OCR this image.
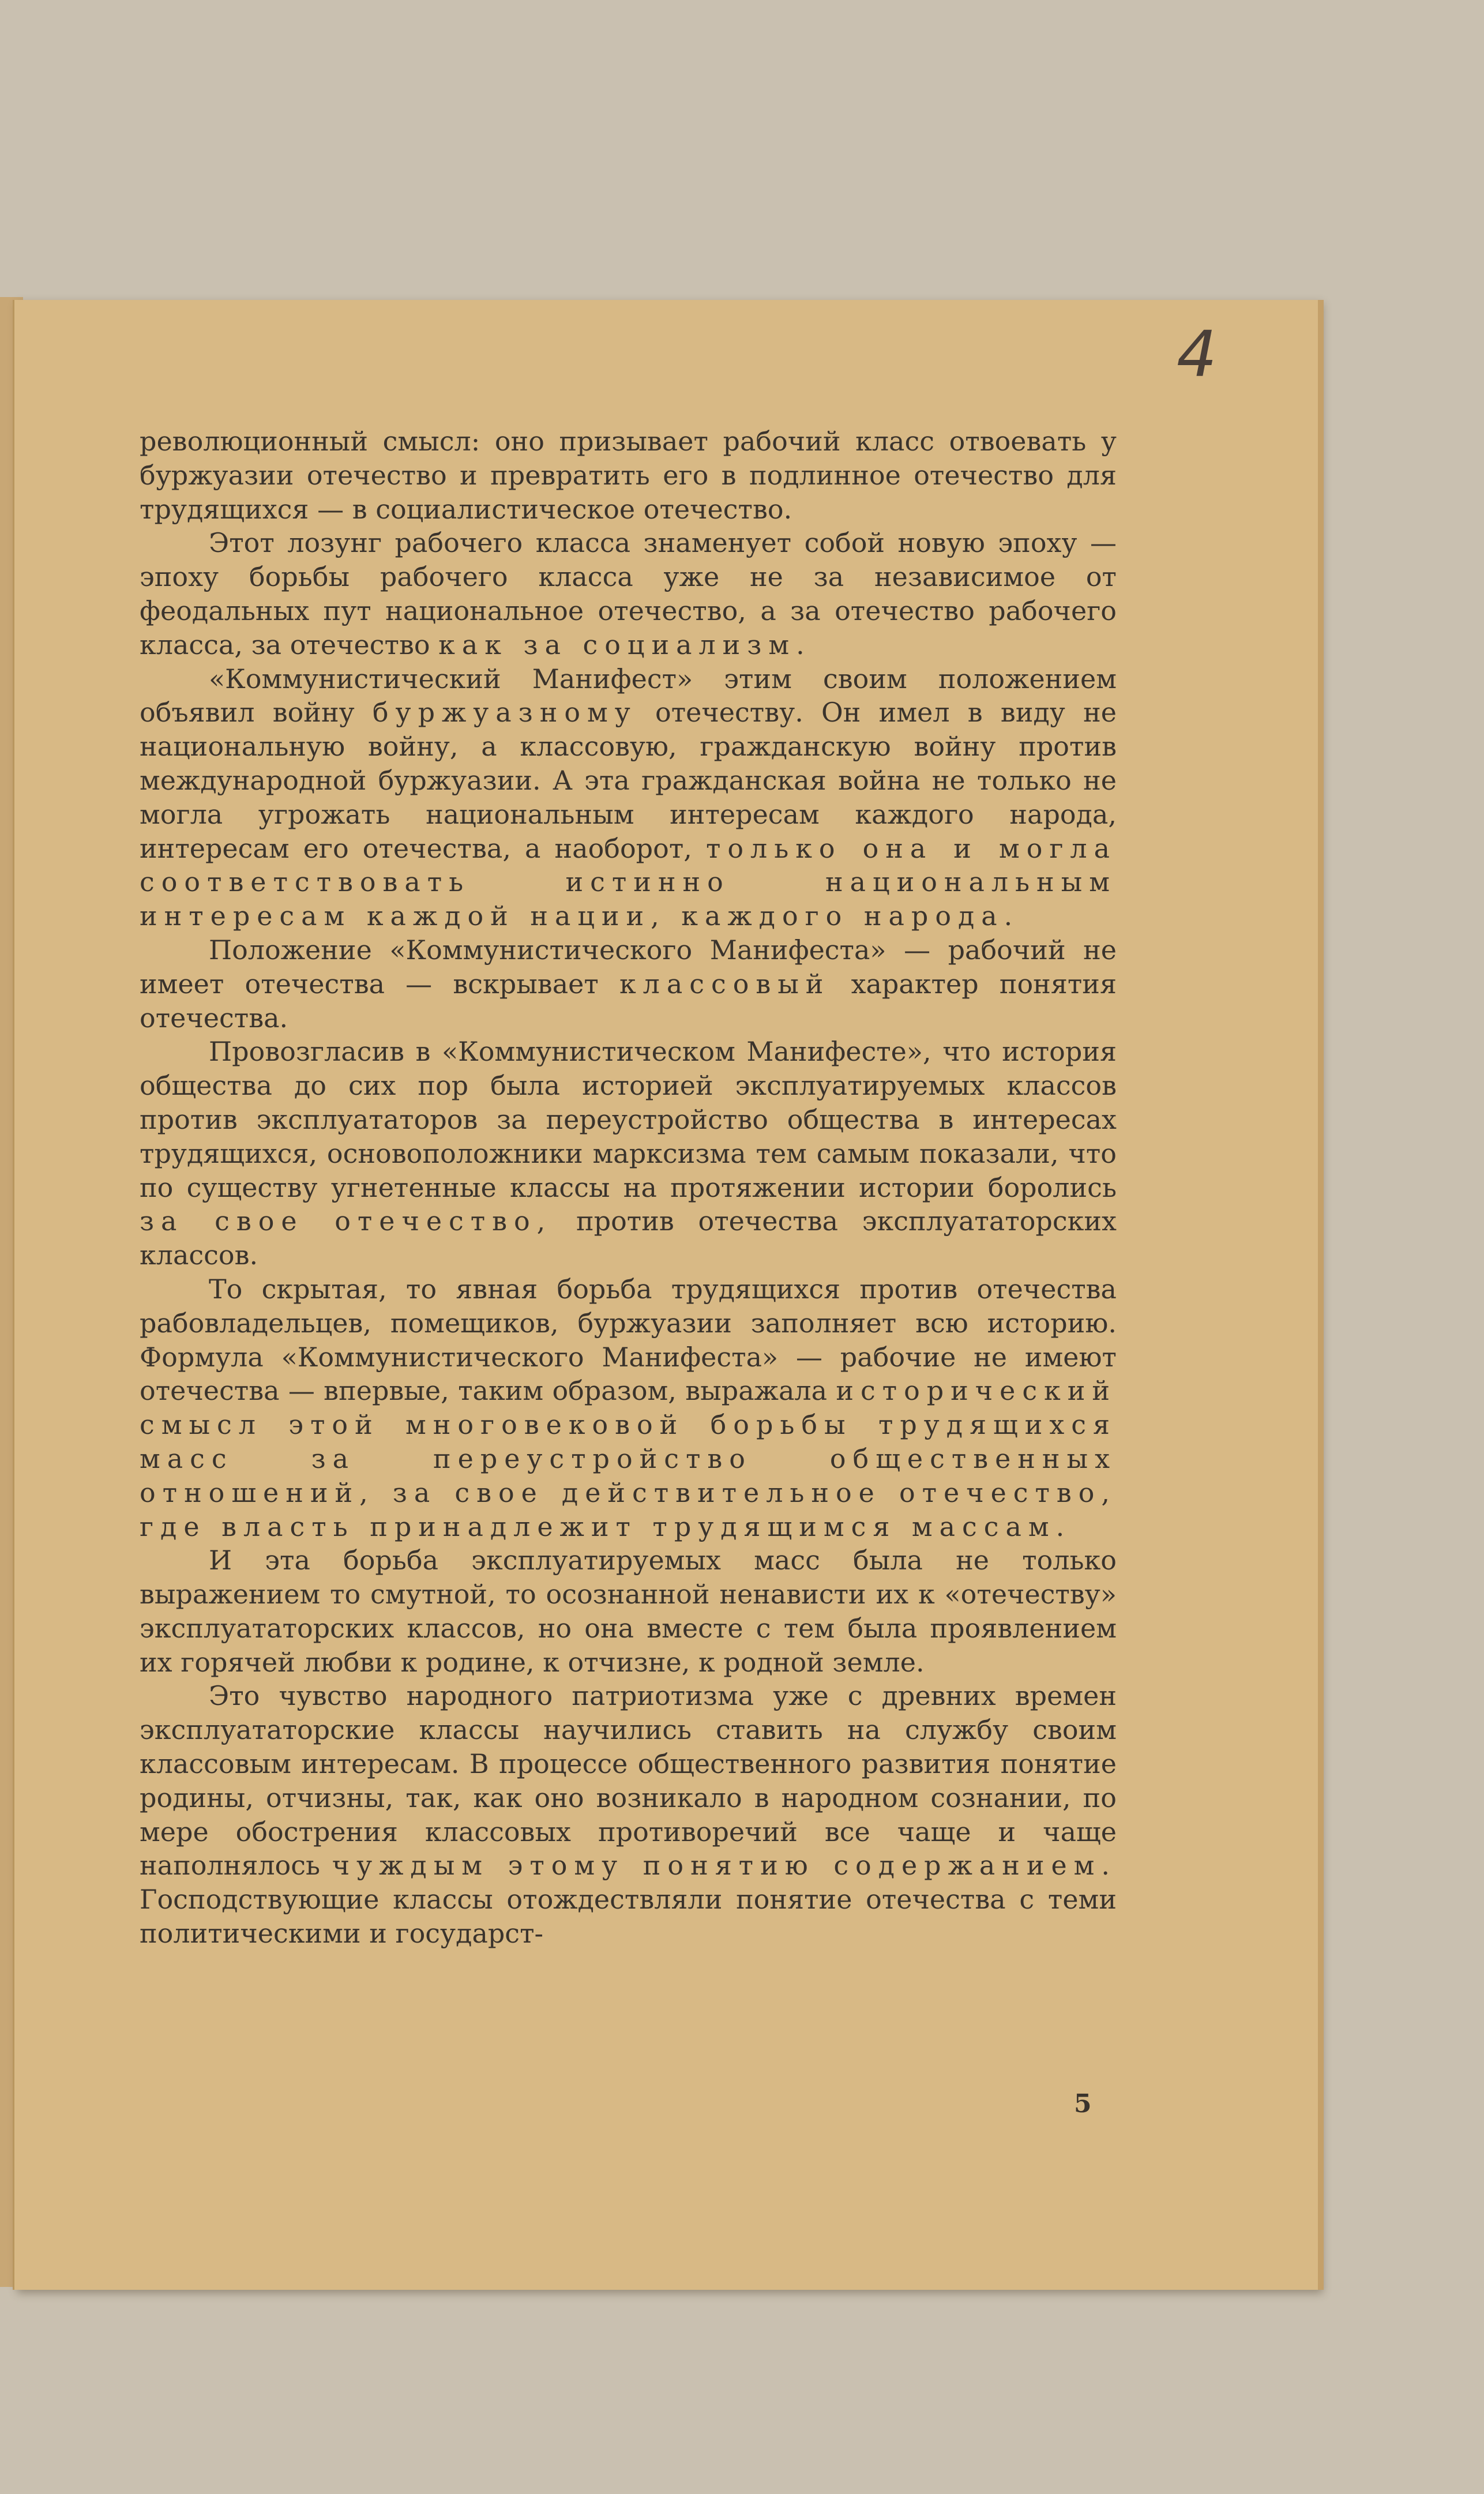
4

революционный смысл: оно призывает рабочий класс отвоевать у буржуазии отечество и превратить его в подлинное отечество для трудящихся — в социалистическое отечество.

Этот лозунг рабочего класса знаменует собой новую эпоху — эпоху борьбы рабочего класса уже не за независимое от феодальных пут национальное отечество, а за отечество рабочего класса, за отечество как за социализм.

«Коммунистический Манифест» этим своим положением объявил войну буржуазному отечеству. Он имел в виду не национальную войну, а классовую, гражданскую войну против международной буржуазии. А эта гражданская война не только не могла угрожать национальным интересам каждого народа, интересам его отечества, а наоборот, только она и могла соответствовать истинно национальным интересам каждой нации, каждого народа.

Положение «Коммунистического Манифеста» — рабочий не имеет отечества — вскрывает классовый характер понятия отечества.

Провозгласив в «Коммунистическом Манифесте», что история общества до сих пор была историей эксплуатируемых классов против эксплуататоров за переустройство общества в интересах трудящихся, основоположники марксизма тем самым показали, что по существу угнетенные классы на протяжении истории боролись за свое отечество, против отечества эксплуататорских классов.

То скрытая, то явная борьба трудящихся против отечества рабовладельцев, помещиков, буржуазии заполняет всю историю. Формула «Коммунистического Манифеста» — рабочие не имеют отечества — впервые, таким образом, выражала исторический смысл этой многовековой борьбы трудящихся масс за переустройство общественных отношений, за свое действительное отечество, где власть принадлежит трудящимся массам.

И эта борьба эксплуатируемых масс была не только выражением то смутной, то осознанной ненависти их к «отечеству» эксплуататорских классов, но она вместе с тем была проявлением их горячей любви к родине, к отчизне, к родной земле.

Это чувство народного патриотизма уже с древних времен эксплуататорские классы научились ставить на службу своим классовым интересам. В процессе общественного развития понятие родины, отчизны, так, как оно возникало в народном сознании, по мере обострения классовых противоречий все чаще и чаще наполнялось чуждым этому понятию содержанием. Господствующие классы отождествляли понятие отечества с теми политическими и государст-

5
